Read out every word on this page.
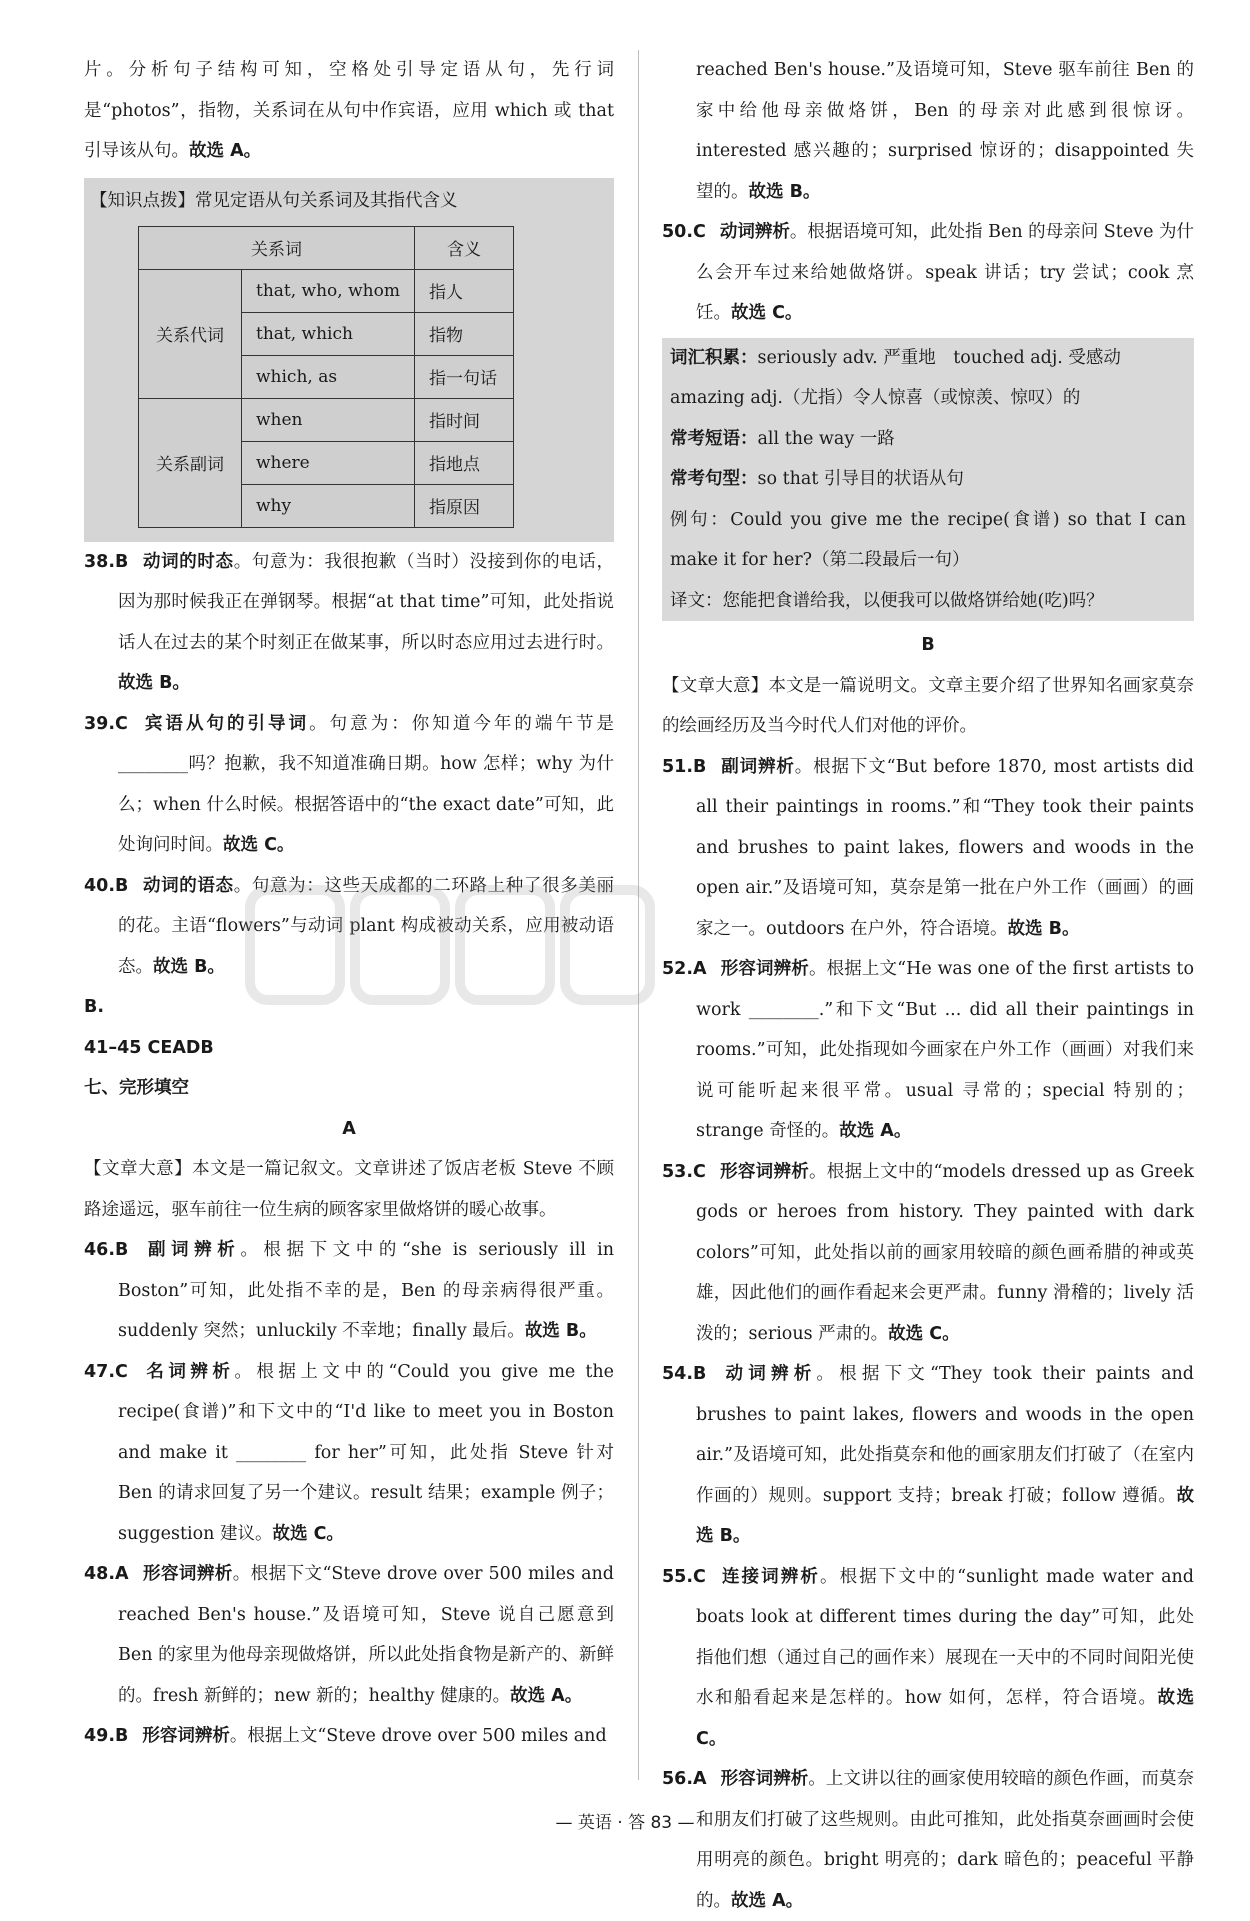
片。分析句子结构可知，空格处引导定语从句，先行词是“photos”，指物，关系词在从句中作宾语，应用 which 或 that 引导该从句。故选 A。

【知识点拨】常见定语从句关系词及其指代含义

关系词		含义
关系代词	that, who, whom	指人
	that, which	指物
	which, as	指一句话
关系副词	when	指时间
	where	指地点
	why	指原因

38.B 动词的时态。句意为：我很抱歉（当时）没接到你的电话，因为那时候我正在弹钢琴。根据“at that time”可知，此处指说话人在过去的某个时刻正在做某事，所以时态应用过去进行时。故选 B。

39.C 宾语从句的引导词。句意为：你知道今年的端午节是________吗？抱歉，我不知道准确日期。how 怎样；why 为什么；when 什么时候。根据答语中的“the exact date”可知，此处询问时间。故选 C。

40.B 动词的语态。句意为：这些天成都的二环路上种了很多美丽的花。主语“flowers”与动词 plant 构成被动关系，应用被动语态。故选 B。

B.

41–45 CEADB

七、完形填空

A

【文章大意】本文是一篇记叙文。文章讲述了饭店老板 Steve 不顾路途遥远，驱车前往一位生病的顾客家里做烙饼的暖心故事。

46.B 副词辨析。根据下文中的“she is seriously ill in Boston”可知，此处指不幸的是，Ben 的母亲病得很严重。suddenly 突然；unluckily 不幸地；finally 最后。故选 B。

47.C 名词辨析。根据上文中的“Could you give me the recipe(食谱)”和下文中的“I'd like to meet you in Boston and make it ________ for her”可知，此处指 Steve 针对 Ben 的请求回复了另一个建议。result 结果；example 例子；suggestion 建议。故选 C。

48.A 形容词辨析。根据下文“Steve drove over 500 miles and reached Ben's house.”及语境可知，Steve 说自己愿意到 Ben 的家里为他母亲现做烙饼，所以此处指食物是新产的、新鲜的。fresh 新鲜的；new 新的；healthy 健康的。故选 A。

49.B 形容词辨析。根据上文“Steve drove over 500 miles and

reached Ben's house.”及语境可知，Steve 驱车前往 Ben 的家中给他母亲做烙饼，Ben 的母亲对此感到很惊讶。interested 感兴趣的；surprised 惊讶的；disappointed 失望的。故选 B。

50.C 动词辨析。根据语境可知，此处指 Ben 的母亲问 Steve 为什么会开车过来给她做烙饼。speak 讲话；try 尝试；cook 烹饪。故选 C。

词汇积累：seriously adv. 严重地　touched adj. 受感动

amazing adj.（尤指）令人惊喜（或惊羡、惊叹）的

常考短语：all the way 一路

常考句型：so that 引导目的状语从句

例句：Could you give me the recipe(食谱) so that I can make it for her?（第二段最后一句）

译文：您能把食谱给我，以便我可以做烙饼给她(吃)吗？

B

【文章大意】本文是一篇说明文。文章主要介绍了世界知名画家莫奈的绘画经历及当今时代人们对他的评价。

51.B 副词辨析。根据下文“But before 1870, most artists did all their paintings in rooms.”和“They took their paints and brushes to paint lakes, flowers and woods in the open air.”及语境可知，莫奈是第一批在户外工作（画画）的画家之一。outdoors 在户外，符合语境。故选 B。

52.A 形容词辨析。根据上文“He was one of the first artists to work ________.”和下文“But ... did all their paintings in rooms.”可知，此处指现如今画家在户外工作（画画）对我们来说可能听起来很平常。usual 寻常的；special 特别的；strange 奇怪的。故选 A。

53.C 形容词辨析。根据上文中的“models dressed up as Greek gods or heroes from history. They painted with dark colors”可知，此处指以前的画家用较暗的颜色画希腊的神或英雄，因此他们的画作看起来会更严肃。funny 滑稽的；lively 活泼的；serious 严肃的。故选 C。

54.B 动词辨析。根据下文“They took their paints and brushes to paint lakes, flowers and woods in the open air.”及语境可知，此处指莫奈和他的画家朋友们打破了（在室内作画的）规则。support 支持；break 打破；follow 遵循。故选 B。

55.C 连接词辨析。根据下文中的“sunlight made water and boats look at different times during the day”可知，此处指他们想（通过自己的画作来）展现在一天中的不同时间阳光使水和船看起来是怎样的。how 如何，怎样，符合语境。故选 C。

56.A 形容词辨析。上文讲以往的画家使用较暗的颜色作画，而莫奈和朋友们打破了这些规则。由此可推知，此处指莫奈画画时会使用明亮的颜色。bright 明亮的；dark 暗色的；peaceful 平静的。故选 A。

— 英语 · 答 83 —
